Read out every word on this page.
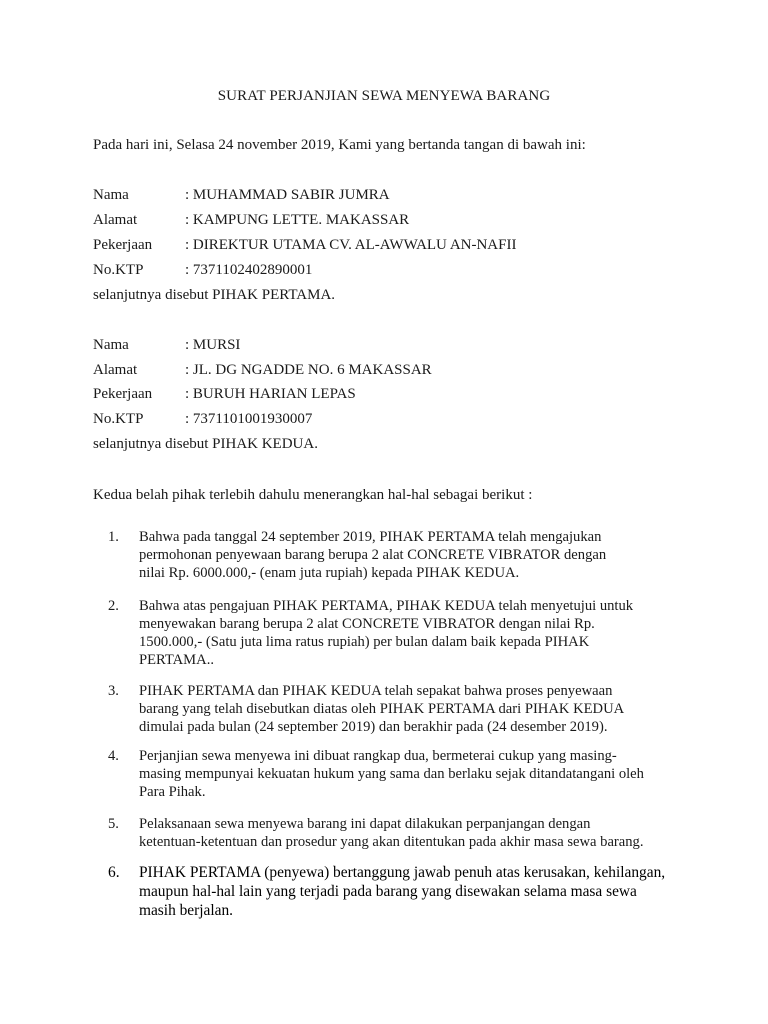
SURAT PERJANJIAN SEWA MENYEWA BARANG
Pada hari ini, Selasa 24 november 2019, Kami yang bertanda tangan di bawah ini:
Nama	: MUHAMMAD SABIR JUMRA
Alamat	: KAMPUNG LETTE. MAKASSAR
Pekerjaan : DIREKTUR UTAMA CV. AL-AWWALU AN-NAFII
No.KTP	: 7371102402890001
selanjutnya disebut PIHAK PERTAMA.
Nama	: MURSI
Alamat	: JL. DG NGADDE NO. 6 MAKASSAR
Pekerjaan : BURUH HARIAN LEPAS
No.KTP	: 7371101001930007
selanjutnya disebut PIHAK KEDUA.
Kedua belah pihak terlebih dahulu menerangkan hal-hal sebagai berikut :
1.	Bahwa pada tanggal 24 september 2019, PIHAK PERTAMA telah mengajukan
permohonan penyewaan barang berupa 2 alat CONCRETE VIBRATOR dengan
nilai Rp. 6000.000,- (enam juta rupiah) kepada PIHAK KEDUA.
2.	Bahwa atas pengajuan PIHAK PERTAMA, PIHAK KEDUA telah menyetujui untuk
menyewakan barang berupa 2 alat CONCRETE VIBRATOR dengan nilai Rp.
1500.000,- (Satu juta lima ratus rupiah) per bulan dalam baik kepada PIHAK
PERTAMA..
3.	PIHAK PERTAMA dan PIHAK KEDUA telah sepakat bahwa proses penyewaan
barang yang telah disebutkan diatas oleh PIHAK PERTAMA dari PIHAK KEDUA
dimulai pada bulan (24 september 2019) dan berakhir pada (24 desember 2019).
4.	Perjanjian sewa menyewa ini dibuat rangkap dua, bermeterai cukup yang masing-
masing mempunyai kekuatan hukum yang sama dan berlaku sejak ditandatangani oleh
Para Pihak.
5.	Pelaksanaan sewa menyewa barang ini dapat dilakukan perpanjangan dengan
ketentuan-ketentuan dan prosedur yang akan ditentukan pada akhir masa sewa barang.
6.	PIHAK PERTAMA (penyewa) bertanggung jawab penuh atas kerusakan, kehilangan,
maupun hal-hal lain yang terjadi pada barang yang disewakan selama masa sewa
masih berjalan.
